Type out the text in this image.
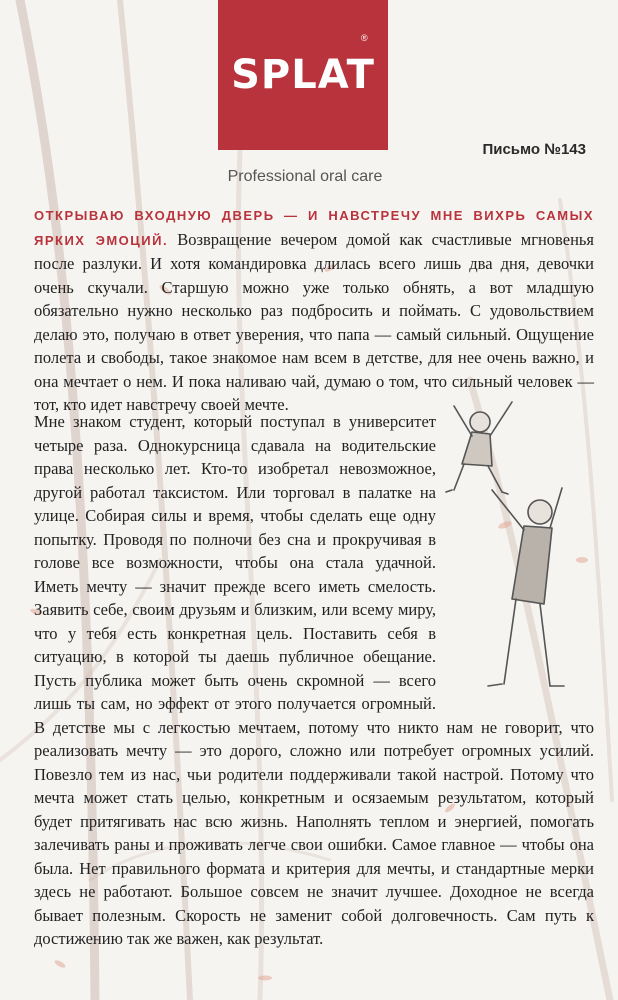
SPLAT
®
Professional oral care
Письмо №143
ОТКРЫВАЮ ВХОДНУЮ ДВЕРЬ — И НАВСТРЕЧУ МНЕ ВИХРЬ САМЫХ ЯРКИХ ЭМОЦИЙ. Возвращение вечером домой как счастливые мгновенья после разлуки. И хотя командировка длилась всего лишь два дня, девочки очень скучали. Старшую можно уже только обнять, а вот младшую обязательно нужно несколько раз подбросить и поймать. С удовольствием делаю это, получаю в ответ уверения, что папа — самый сильный. Ощущение полета и свободы, такое знакомое нам всем в детстве, для нее очень важно, и она мечтает о нем. И пока наливаю чай, думаю о том, что сильный человек — тот, кто идет навстречу своей мечте.
Мне знаком студент, который поступал в университет четыре раза. Однокурсница сдавала на водительские права несколько лет. Кто-то изобретал невозможное, другой работал таксистом. Или торговал в палатке на улице. Собирая силы и время, чтобы сделать еще одну попытку. Проводя по полночи без сна и прокручивая в голове все возможности, чтобы она стала удачной. Иметь мечту — значит прежде всего иметь смелость. Заявить себе, своим друзьям и близким, или всему миру, что у тебя есть конкретная цель. Поставить себя в ситуацию, в которой ты даешь публичное обещание. Пусть публика может быть очень скромной — всего лишь ты сам, но эффект от этого получается огромный. В детстве мы с легкостью мечтаем, потому что никто нам не говорит, что реализовать мечту — это дорого, сложно или потребует огромных усилий. Повезло тем из нас, чьи родители поддерживали такой настрой. Потому что мечта может стать целью, конкретным и осязаемым результатом, который будет притягивать нас всю жизнь. Наполнять теплом и энергией, помогать залечивать раны и проживать легче свои ошибки. Самое главное — чтобы она была. Нет правильного формата и критерия для мечты, и стандартные мерки здесь не работают. Большое совсем не значит лучшее. Доходное не всегда бывает полезным. Скорость не заменит собой долговечность. Сам путь к достижению так же важен, как результат.
